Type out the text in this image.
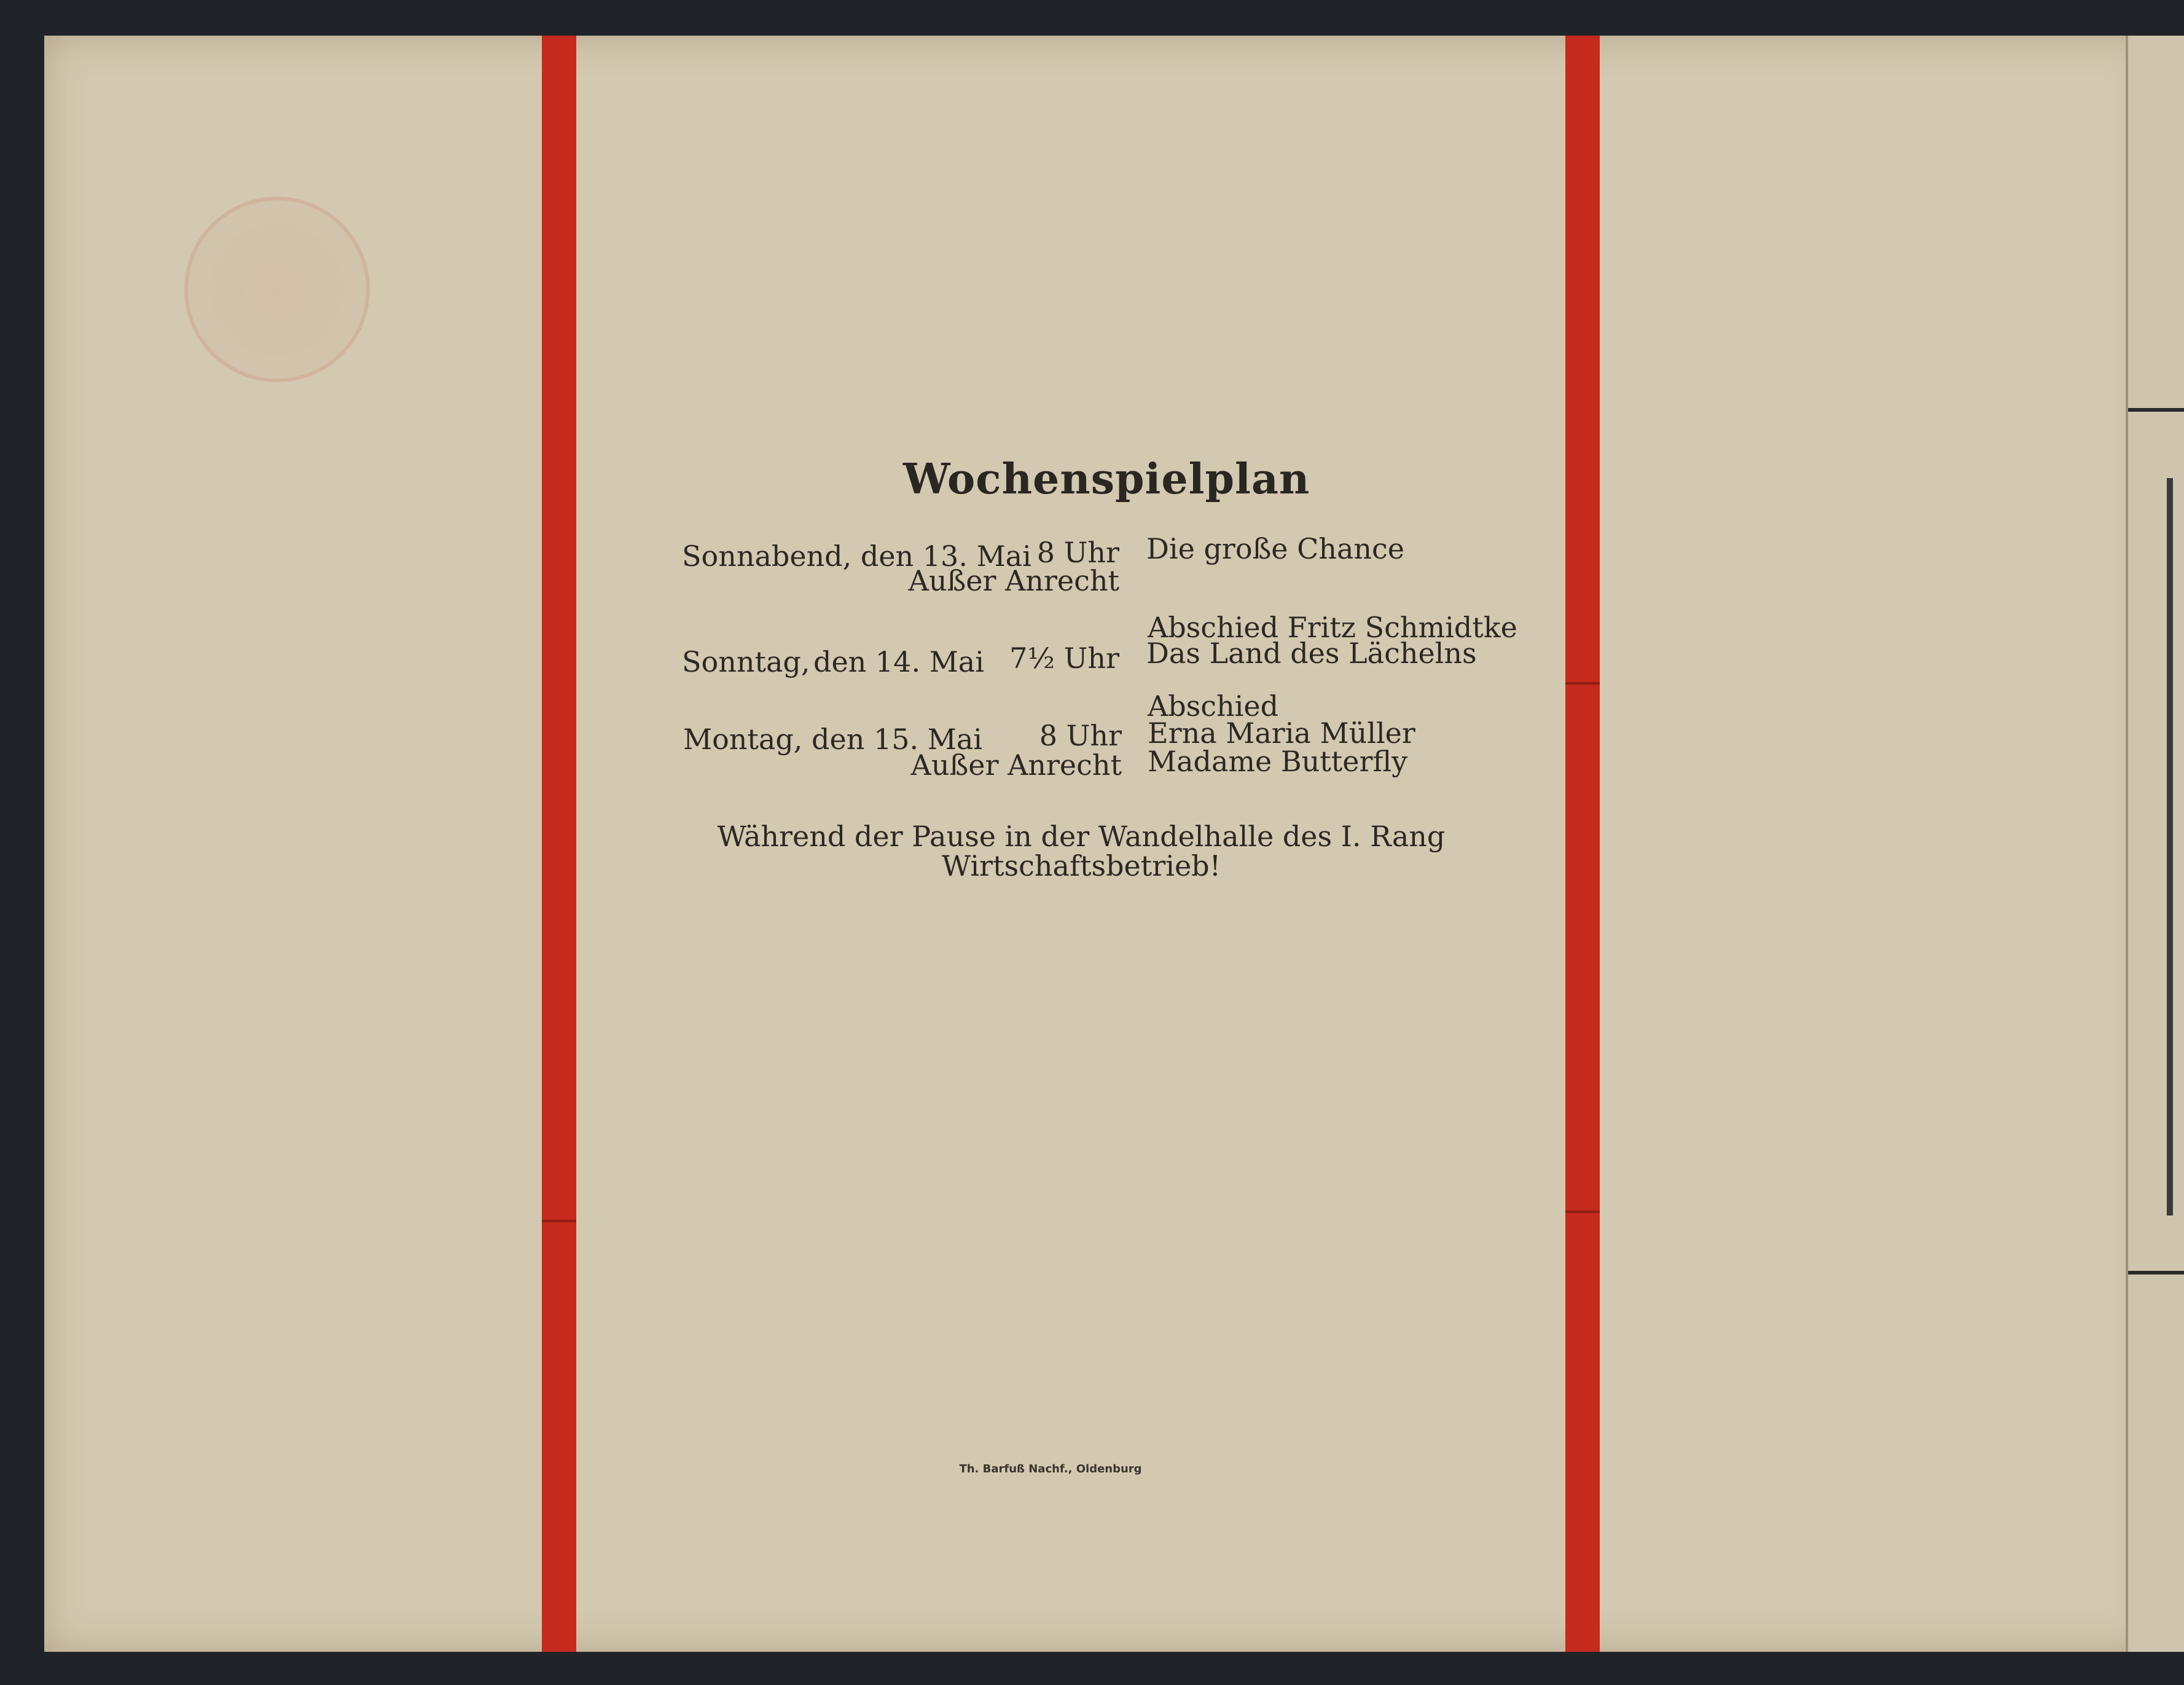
Wochenspielplan
Sonnabend, den 13. Mai 8 Uhr
Außer Anrecht
Die große Chance
Abschied Fritz Schmidtke
Sonntag, den 14. Mai 7½ Uhr Das Land des Lächelns
Abschied
Montag, den 15. Mai	8 Uhr Erna Maria Müller
Außer Anrecht Madame Butterfly
Während der Pause in der Wandelhalle des I. Rang
Wirtschaftsbetrieb!
Th. Barfuß Nachf., Oldenburg
